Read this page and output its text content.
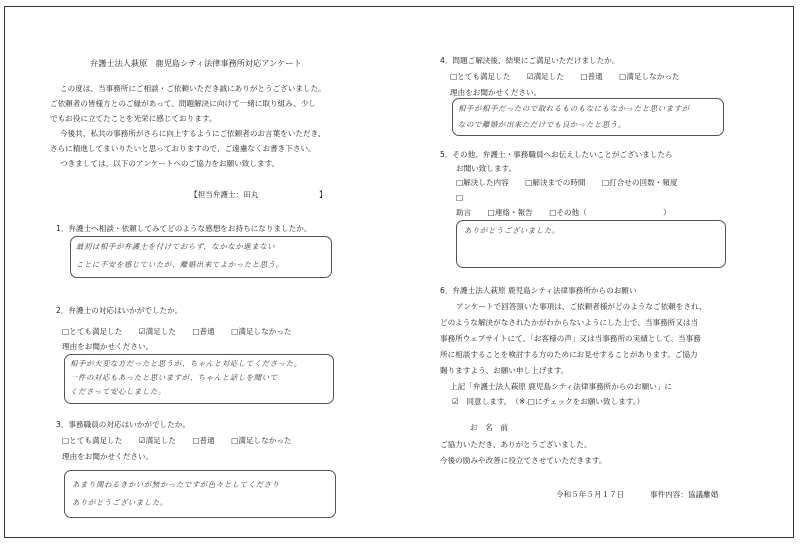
弁護士法人萩原　鹿児島シティ法律事務所対応アンケート
この度は、当事務所にご相談・ご依頼いただき誠にありがとうございました。
ご依頼者の皆様方とのご縁があって、問題解決に向けて一緒に取り組み、少し
でもお役に立てたことを光栄に感じております。
今後共、私共の事務所がさらに向上するようにご依頼者のお言葉をいただき、
さらに精進してまいりたいと思っておりますので、ご遠慮なくお書き下さい。
つきましては、以下のアンケートへのご協力をお願い致します。
【担当弁護士：田丸　　　　　　　　】
1．弁護士へ相談・依頼してみてどのような感想をお持ちになりましたか。
最初は相手が弁護士を付けておらず、なかなか進まない
ことに不安を感じていたが、離婚出来てよかったと思う。
2．弁護士の対応はいかがでしたか。
□とても満足した ☑満足した □普通 □満足しなかった
理由をお聞かせください。
相手が大変な方だったと思うが、ちゃんと対応してくださった。
一件の対応もあったと思いますが、ちゃんと話しを聞いて
くださって安心しました。
3．事務職員の対応はいかがでしたか。
□とても満足した ☑満足した □普通 □満足しなかった
理由をお聞かせください。
あまり関わるきかいが無かったですが色々としてくださり
ありがとうございました。
4．問題ご解決後、結果にご満足いただけましたか。
□とても満足した ☑満足した □普通 □満足しなかった
理由をお聞かせください。
相手が相手だったので取れるものもなにもなかったと思いますが
なので離婚が出来ただけでも良かったと思う。
5．その他、弁護士・事務職員へお伝えしたいことがございましたら
お聞い致します。
□解決した内容 □解決までの時間 □打合せの回数・頻度
□
助言 □連絡・報告 □その他（	）
ありがとうございました。
6．弁護士法人萩原 鹿児島シティ法律事務所からのお願い
アンケートで回答頂いた事項は、ご依頼者様がどのようなご依頼をされ、
どのような解決がなされたかがわからないようにした上で、当事務所又は当
事務所ウェブサイトにて、「お客様の声」又は当事務所の実績として、当事務
所に相談することを検討する方のためにお見せすることがあります。ご協力
賜りますよう、お願い申し上げます。
上記「弁護士法人萩原 鹿児島シティ法律事務所からのお願い」に
☑　同意します。　（※ □にチェックをお願い致します。）
お　名　前
ご協力いただき、ありがとうございました。
今後の励みや改善に役立てさせていただきます。
令和５年５月１７日	事件内容：協議離婚
